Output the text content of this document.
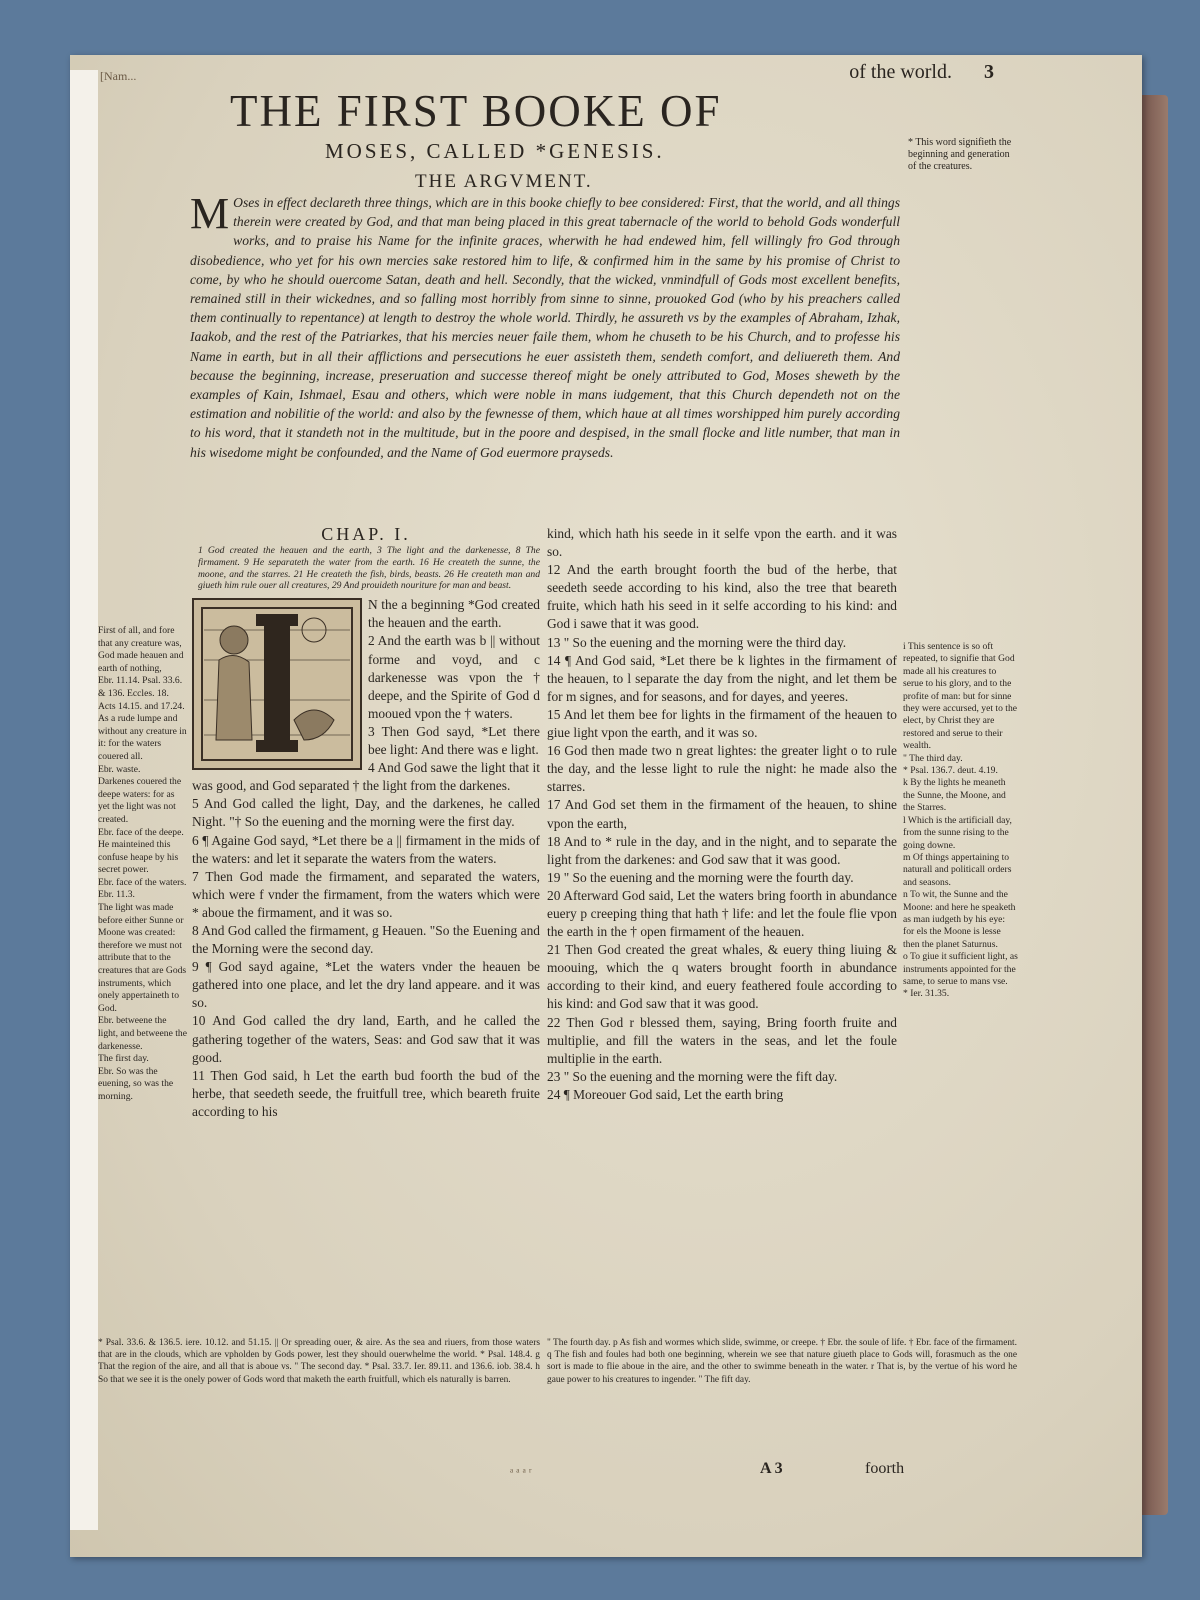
[Nam...	of the world. 3
THE FIRST BOOKE OF
MOSES, CALLED *GENESIS.
THE ARGVMENT.
M Oses in effect declareth three things, which are in this booke chiefly to bee considered: First, that the world, and all things therein were created by God, and that man being placed in this great tabernacle of the world to behold Gods wonderfull works, and to praise his Name for the infinite graces, wherwith he had endewed him, fell willingly fro God through disobedience, who yet for his own mercies sake restored him to life, & confirmed him in the same by his promise of Christ to come, by who he should ouercome Satan, death and hell. Secondly, that the wicked, vnmindfull of Gods most excellent benefits, remained still in their wickednes, and so falling most horribly from sinne to sinne, prouoked God (who by his preachers called them continually to repentance) at length to destroy the whole world. Thirdly, he assureth vs by the examples of Abraham, Izhak, Iaakob, and the rest of the Patriarkes, that his mercies neuer faile them, whom he chuseth to be his Church, and to professe his Name in earth, but in all their afflictions and persecutions he euer assisteth them, sendeth comfort, and deliuereth them. And because the beginning, increase, preseruation and successe thereof might be onely attributed to God, Moses sheweth by the examples of Kain, Ishmael, Esau and others, which were noble in mans iudgement, that this Church dependeth not on the estimation and nobilitie of the world: and also by the fewnesse of them, which haue at all times worshipped him purely according to his word, that it standeth not in the multitude, but in the poore and despised, in the small flocke and litle number, that man in his wisedome might be confounded, and the Name of God euermore prayseds.
* This word signifieth the beginning and generation of the creatures.
CHAP. I.
1 God created the heauen and the earth, 3 The light and the darkenesse, 8 The firmament. 9 He separateth the water from the earth. 16 He createth the sunne, the moone, and the starres. 21 He createth the fish, birds, beasts. 26 He createth man and giueth him rule ouer all creatures, 29 And prouideth nouriture for man and beast.

N the a beginning *God created the heauen and the earth.

2 And the earth was b || without forme and voyd, and c darkenesse was vpon the † deepe, and the Spirite of God d mooued vpon the † waters.

3 Then God sayd, *Let there bee light: And there was e light.

4 And God sawe the light that it was good, and God separated † the light from the darkenes.

5 And God called the light, Day, and the darkenes, he called Night. "† So the euening and the morning were the first day.

6 ¶ Againe God sayd, *Let there be a || firmament in the mids of the waters: and let it separate the waters from the waters.

7 Then God made the firmament, and separated the waters, which were f vnder the firmament, from the waters which were * aboue the firmament, and it was so.

8 And God called the firmament, g Heauen. "So the Euening and the Morning were the second day.

9 ¶ God sayd againe, *Let the waters vnder the heauen be gathered into one place, and let the dry land appeare. and it was so.

10 And God called the dry land, Earth, and he called the gathering together of the waters, Seas: and God saw that it was good.

11 Then God said, h Let the earth bud foorth the bud of the herbe, that seedeth seede, the fruitfull tree, which beareth fruite according to his

kind, which hath his seede in it selfe vpon the earth. and it was so.

12 And the earth brought foorth the bud of the herbe, that seedeth seede according to his kind, also the tree that beareth fruite, which hath his seed in it selfe according to his kind: and God i sawe that it was good.

13 " So the euening and the morning were the third day.

14 ¶ And God said, *Let there be k lightes in the firmament of the heauen, to l separate the day from the night, and let them be for m signes, and for seasons, and for dayes, and yeeres.

15 And let them bee for lights in the firmament of the heauen to giue light vpon the earth, and it was so.

16 God then made two n great lightes: the greater light o to rule the day, and the lesse light to rule the night: he made also the starres.

17 And God set them in the firmament of the heauen, to shine vpon the earth,

18 And to * rule in the day, and in the night, and to separate the light from the darkenes: and God saw that it was good.

19 " So the euening and the morning were the fourth day.

20 Afterward God said, Let the waters bring foorth in abundance euery p creeping thing that hath † life: and let the foule flie vpon the earth in the † open firmament of the heauen.

21 Then God created the great whales, & euery thing liuing & moouing, which the q waters brought foorth in abundance according to their kind, and euery feathered foule according to his kind: and God saw that it was good.

22 Then God r blessed them, saying, Bring foorth fruite and multiplie, and fill the waters in the seas, and let the foule multiplie in the earth.

23 " So the euening and the morning were the fift day.

24 ¶ Moreouer God said, Let the earth bring

First of all, and fore that any creature was, God made heauen and earth of nothing,

Ebr. 11.14. Psal. 33.6. & 136. Eccles. 18. Acts 14.15. and 17.24.

As a rude lumpe and without any creature in it: for the waters couered all.

Ebr. waste.

Darkenes couered the deepe waters: for as yet the light was not created.

Ebr. face of the deepe.

He mainteined this confuse heape by his secret power.

Ebr. face of the waters.

Ebr. 11.3.

The light was made before either Sunne or Moone was created: therefore we must not attribute that to the creatures that are Gods instruments, which onely appertaineth to God.

Ebr. betweene the light, and betweene the darkenesse.

The first day.

Ebr. So was the euening, so was the morning.

i This sentence is so oft repeated, to signifie that God made all his creatures to serue to his glory, and to the profite of man: but for sinne they were accursed, yet to the elect, by Christ they are restored and serue to their wealth.

" The third day.

* Psal. 136.7. deut. 4.19.

k By the lights he meaneth the Sunne, the Moone, and the Starres.

l Which is the artificiall day, from the sunne rising to the going downe.

m Of things appertaining to naturall and politicall orders and seasons.

n To wit, the Sunne and the Moone: and here he speaketh as man iudgeth by his eye: for els the Moone is lesse then the planet Saturnus.

o To giue it sufficient light, as instruments appointed for the same, to serue to mans vse.

* Ier. 31.35.

* Psal. 33.6. & 136.5. iere. 10.12. and 51.15. || Or spreading ouer, & aire. As the sea and riuers, from those waters that are in the clouds, which are vpholden by Gods power, lest they should ouerwhelme the world. * Psal. 148.4. g That the region of the aire, and all that is aboue vs. " The second day. * Psal. 33.7. Ier. 89.11. and 136.6. iob. 38.4. h So that we see it is the onely power of Gods word that maketh the earth fruitfull, which els naturally is barren.
" The fourth day. p As fish and wormes which slide, swimme, or creepe. † Ebr. the soule of life. † Ebr. face of the firmament. q The fish and foules had both one beginning, wherein we see that nature giueth place to Gods will, forasmuch as the one sort is made to flie aboue in the aire, and the other to swimme beneath in the water. r That is, by the vertue of his word he gaue power to his creatures to ingender. " The fift day.
ᵃ ᵃ ᵃ ʳ	A 3	foorth
